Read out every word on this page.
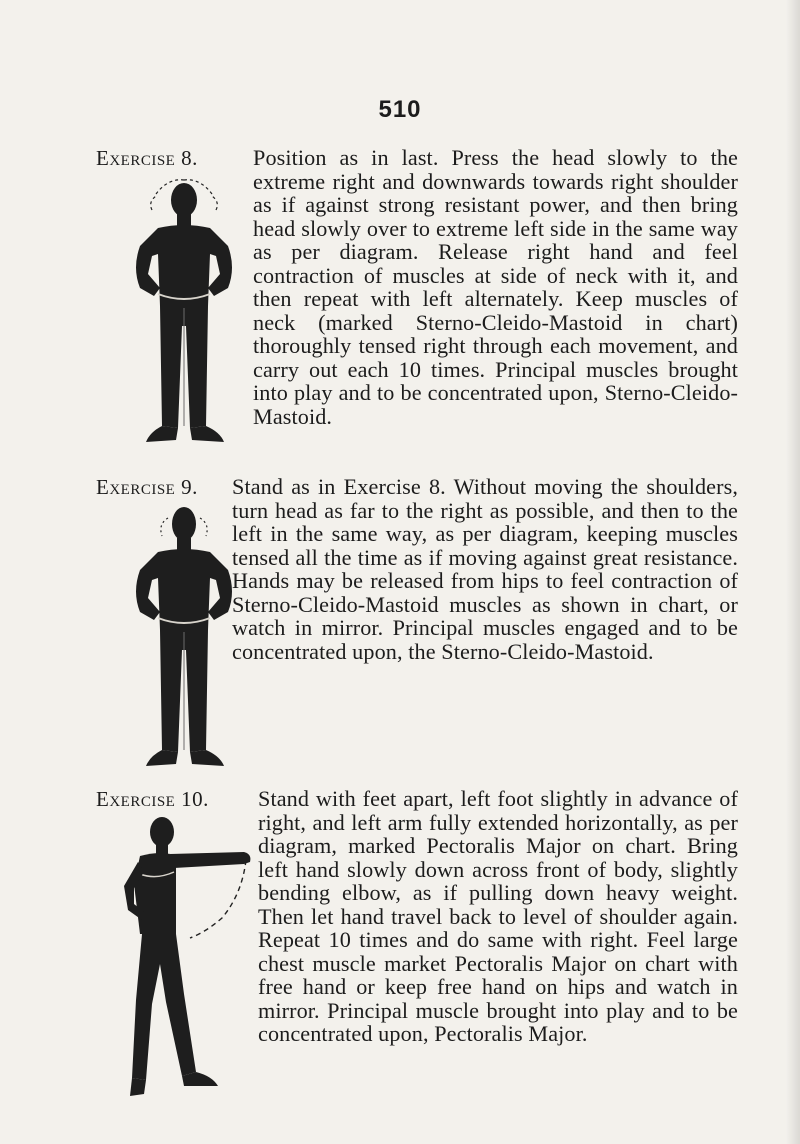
510
Exercise 8. Position as in last. Press the head slowly to the extreme right and downwards towards right shoulder as if against strong resistant power, and then bring head slowly over to extreme left side in the same way as per diagram. Release right hand and feel contraction of muscles at side of neck with it, and then repeat with left alternately. Keep muscles of neck (marked Sterno-Cleido-Mastoid in chart) thoroughly tensed right through each movement, and carry out each 10 times. Principal muscles brought into play and to be concentrated upon, Sterno-Cleido-Mastoid.

Exercise 9. Stand as in Exercise 8. Without moving the shoulders, turn head as far to the right as possible, and then to the left in the same way, as per diagram, keeping muscles tensed all the time as if moving against great resistance. Hands may be released from hips to feel contraction of Sterno-Cleido-Mastoid muscles as shown in chart, or watch in mirror. Principal muscles engaged and to be concentrated upon, the Sterno-Cleido-Mastoid.

Exercise 10. Stand with feet apart, left foot slightly in advance of right, and left arm fully extended horizontally, as per diagram, marked Pectoralis Major on chart. Bring left hand slowly down across front of body, slightly bending elbow, as if pulling down heavy weight. Then let hand travel back to level of shoulder again. Repeat 10 times and do same with right. Feel large chest muscle market Pectoralis Major on chart with free hand or keep free hand on hips and watch in mirror. Principal muscle brought into play and to be concentrated upon, Pectoralis Major.
